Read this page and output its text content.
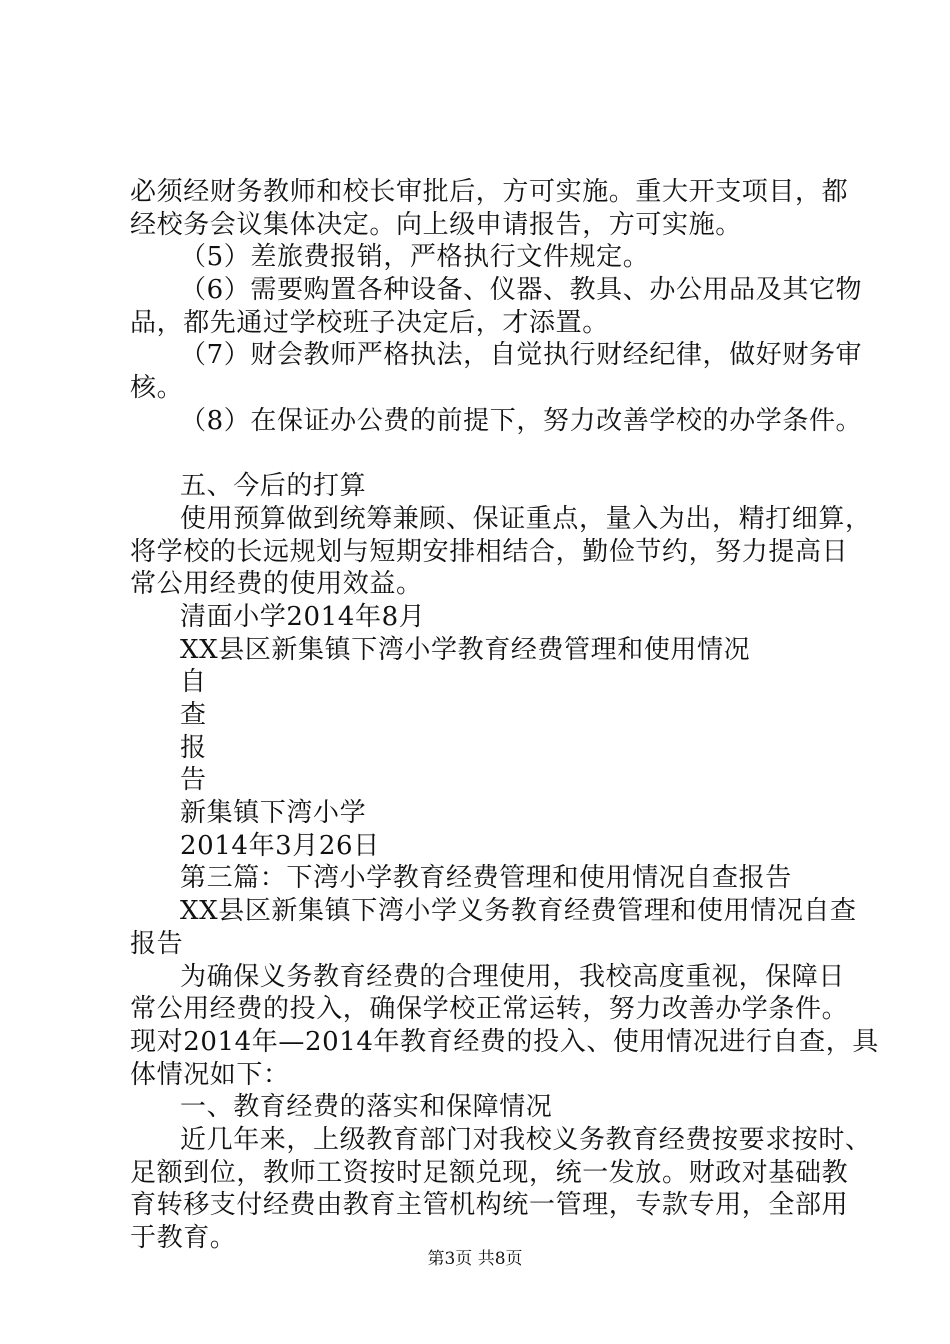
必须经财务教师和校长审批后，方可实施。重大开支项目，都
经校务会议集体决定。向上级申请报告，方可实施。
（5）差旅费报销，严格执行文件规定。
（6）需要购置各种设备、仪器、教具、办公用品及其它物
品，都先通过学校班子决定后，才添置。
（7）财会教师严格执法，自觉执行财经纪律，做好财务审
核。
（8）在保证办公费的前提下，努力改善学校的办学条件。
五、今后的打算
使用预算做到统筹兼顾、保证重点，量入为出，精打细算，
将学校的长远规划与短期安排相结合，勤俭节约，努力提高日
常公用经费的使用效益。
清面小学2014年8月
XX县区新集镇下湾小学教育经费管理和使用情况
自
查
报
告
新集镇下湾小学
2014年3月26日
第三篇：下湾小学教育经费管理和使用情况自查报告
XX县区新集镇下湾小学义务教育经费管理和使用情况自查
报告
为确保义务教育经费的合理使用，我校高度重视，保障日
常公用经费的投入，确保学校正常运转，努力改善办学条件。
现对2014年—2014年教育经费的投入、使用情况进行自查，具
体情况如下：
一、教育经费的落实和保障情况
近几年来，上级教育部门对我校义务教育经费按要求按时、
足额到位，教师工资按时足额兑现，统一发放。财政对基础教
育转移支付经费由教育主管机构统一管理，专款专用，全部用
于教育。
第3页 共8页
